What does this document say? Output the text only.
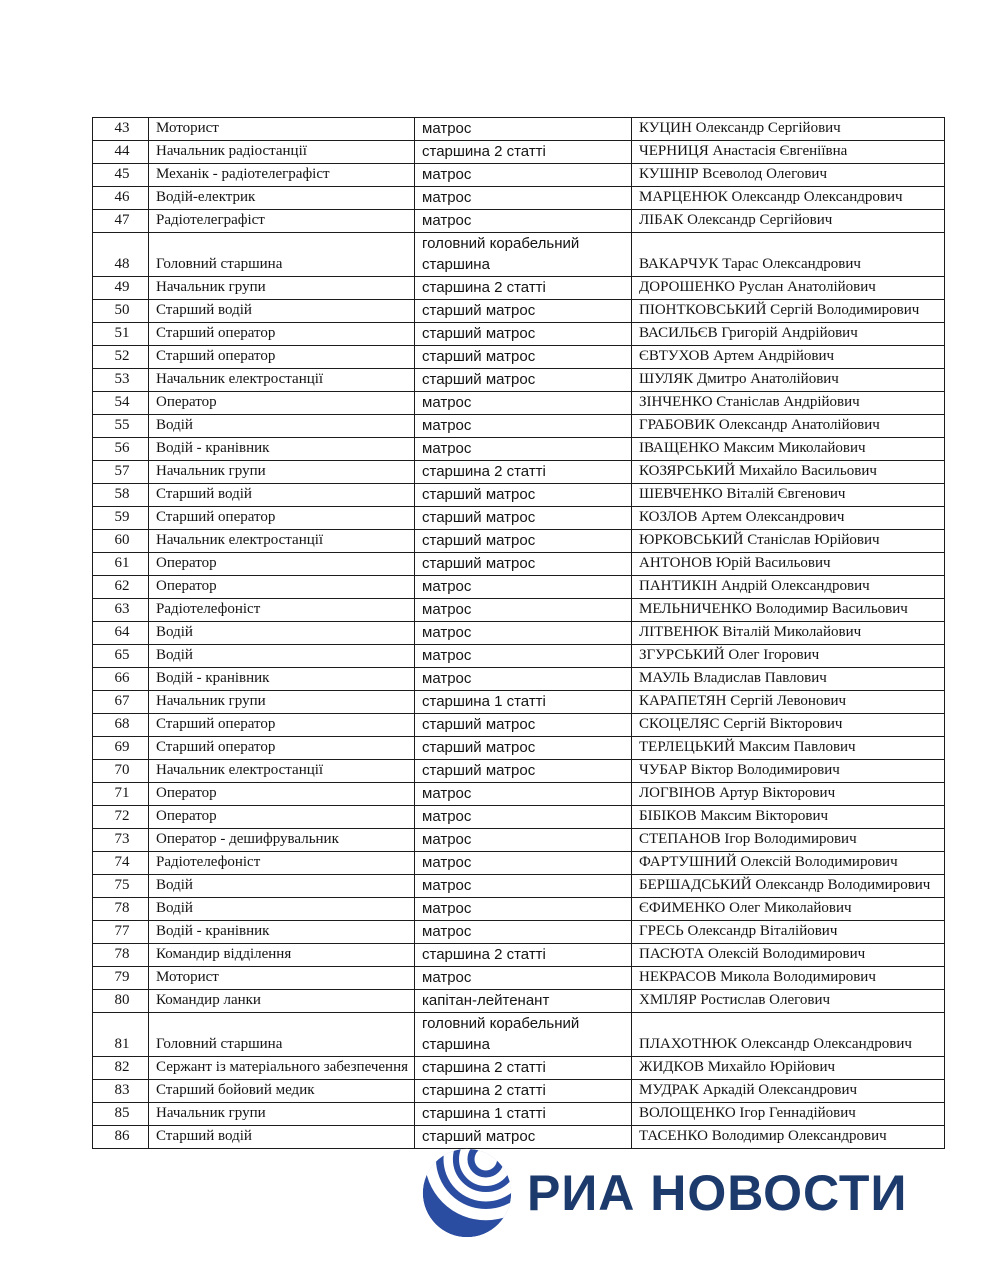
43	Моторист	матрос	КУЦИН Олександр Сергійович
44	Начальник радіостанції	старшина 2 статті	ЧЕРНИЦЯ Анастасія Євгеніївна
45	Механік - радіотелеграфіст	матрос	КУШНІР Всеволод Олегович
46	Водій-електрик	матрос	МАРЦЕНЮК Олександр Олександрович
47	Радіотелеграфіст	матрос	ЛІБАК Олександр Сергійович
48	Головний старшина	головний корабельний старшина	ВАКАРЧУК Тарас Олександрович
49	Начальник групи	старшина 2 статті	ДОРОШЕНКО Руслан Анатолійович
50	Старший водій	старший матрос	ПІОНТКОВСЬКИЙ Сергій Володимирович
51	Старший оператор	старший матрос	ВАСИЛЬЄВ Григорій Андрійович
52	Старший оператор	старший матрос	ЄВТУХОВ Артем Андрійович
53	Начальник електростанції	старший матрос	ШУЛЯК Дмитро Анатолійович
54	Оператор	матрос	ЗІНЧЕНКО Станіслав Андрійович
55	Водій	матрос	ГРАБОВИК Олександр Анатолійович
56	Водій - кранівник	матрос	ІВАЩЕНКО Максим Миколайович
57	Начальник групи	старшина 2 статті	КОЗЯРСЬКИЙ Михайло Васильович
58	Старший водій	старший матрос	ШЕВЧЕНКО Віталій Євгенович
59	Старший оператор	старший матрос	КОЗЛОВ Артем Олександрович
60	Начальник електростанції	старший матрос	ЮРКОВСЬКИЙ Станіслав Юрійович
61	Оператор	старший матрос	АНТОНОВ Юрій Васильович
62	Оператор	матрос	ПАНТИКІН Андрій Олександрович
63	Радіотелефоніст	матрос	МЕЛЬНИЧЕНКО Володимир Васильович
64	Водій	матрос	ЛІТВЕНЮК Віталій Миколайович
65	Водій	матрос	ЗГУРСЬКИЙ Олег Ігорович
66	Водій - кранівник	матрос	МАУЛЬ Владислав Павлович
67	Начальник групи	старшина 1 статті	КАРАПЕТЯН Сергій Левонович
68	Старший оператор	старший матрос	СКОЦЕЛЯС Сергій Вікторович
69	Старший оператор	старший матрос	ТЕРЛЕЦЬКИЙ Максим Павлович
70	Начальник електростанції	старший матрос	ЧУБАР Віктор Володимирович
71	Оператор	матрос	ЛОГВІНОВ Артур Вікторович
72	Оператор	матрос	БІБІКОВ Максим Вікторович
73	Оператор - дешифрувальник	матрос	СТЕПАНОВ Ігор Володимирович
74	Радіотелефоніст	матрос	ФАРТУШНИЙ Олексій Володимирович
75	Водій	матрос	БЕРШАДСЬКИЙ Олександр Володимирович
78	Водій	матрос	ЄФИМЕНКО Олег Миколайович
77	Водій - кранівник	матрос	ГРЕСЬ Олександр Віталійович
78	Командир відділення	старшина 2 статті	ПАСЮТА Олексій Володимирович
79	Моторист	матрос	НЕКРАСОВ Микола Володимирович
80	Командир ланки	капітан-лейтенант	ХМІЛЯР Ростислав Олегович
81	Головний старшина	головний корабельний старшина	ПЛАХОТНЮК Олександр Олександрович
82	Сержант із матеріального забезпечення	старшина 2 статті	ЖИДКОВ Михайло Юрійович
83	Старший бойовий медик	старшина 2 статті	МУДРАК Аркадій Олександрович
85	Начальник групи	старшина 1 статті	ВОЛОЩЕНКО Ігор Геннадійович
86	Старший водій	старший матрос	ТАСЕНКО Володимир Олександрович
РИА НОВОСТИ
